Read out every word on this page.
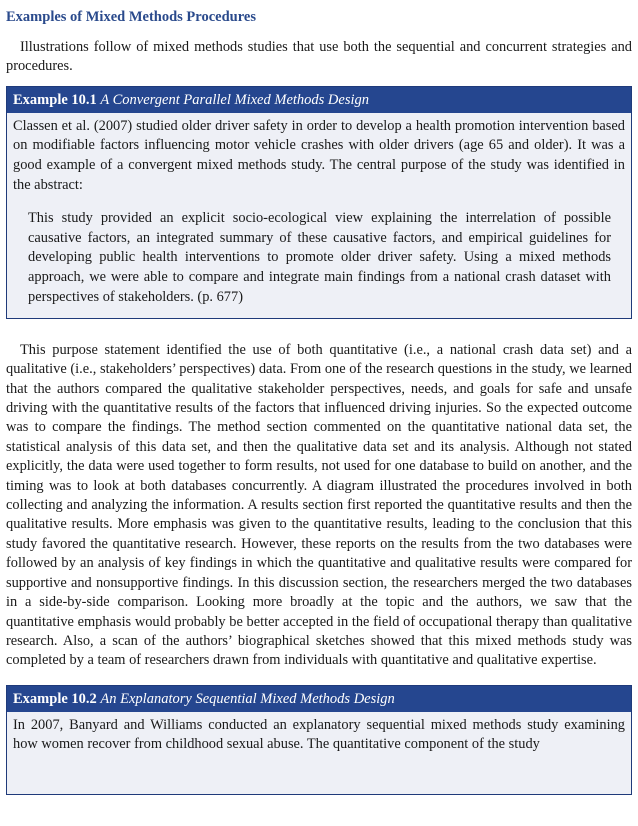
Examples of Mixed Methods Procedures

Illustrations follow of mixed methods studies that use both the sequential and concurrent strategies and procedures.

Example 10.1 A Convergent Parallel Mixed Methods Design

Classen et al. (2007) studied older driver safety in order to develop a health promotion intervention based on modifiable factors influencing motor vehicle crashes with older drivers (age 65 and older). It was a good example of a convergent mixed methods study. The central purpose of the study was identified in the abstract:

This study provided an explicit socio-ecological view explaining the interrelation of possible causative factors, an integrated summary of these causative factors, and empirical guidelines for developing public health interventions to promote older driver safety. Using a mixed methods approach, we were able to compare and integrate main findings from a national crash dataset with perspectives of stakeholders. (p. 677)

This purpose statement identified the use of both quantitative (i.e., a national crash data set) and a qualitative (i.e., stakeholders’ perspectives) data. From one of the research questions in the study, we learned that the authors compared the qualitative stakeholder perspectives, needs, and goals for safe and unsafe driving with the quantitative results of the factors that influenced driving injuries. So the expected outcome was to compare the findings. The method section commented on the quantitative national data set, the statistical analysis of this data set, and then the qualitative data set and its analysis. Although not stated explicitly, the data were used together to form results, not used for one database to build on another, and the timing was to look at both databases concurrently. A diagram illustrated the procedures involved in both collecting and analyzing the information. A results section first reported the quantitative results and then the qualitative results. More emphasis was given to the quantitative results, leading to the conclusion that this study favored the quantitative research. However, these reports on the results from the two databases were followed by an analysis of key findings in which the quantitative and qualitative results were compared for supportive and nonsupportive findings. In this discussion section, the researchers merged the two databases in a side-by-side comparison. Looking more broadly at the topic and the authors, we saw that the quantitative emphasis would probably be better accepted in the field of occupational therapy than qualitative research. Also, a scan of the authors’ biographical sketches showed that this mixed methods study was completed by a team of researchers drawn from individuals with quantitative and qualitative expertise.

Example 10.2 An Explanatory Sequential Mixed Methods Design

In 2007, Banyard and Williams conducted an explanatory sequential mixed methods study examining how women recover from childhood sexual abuse. The quantitative component of the study
